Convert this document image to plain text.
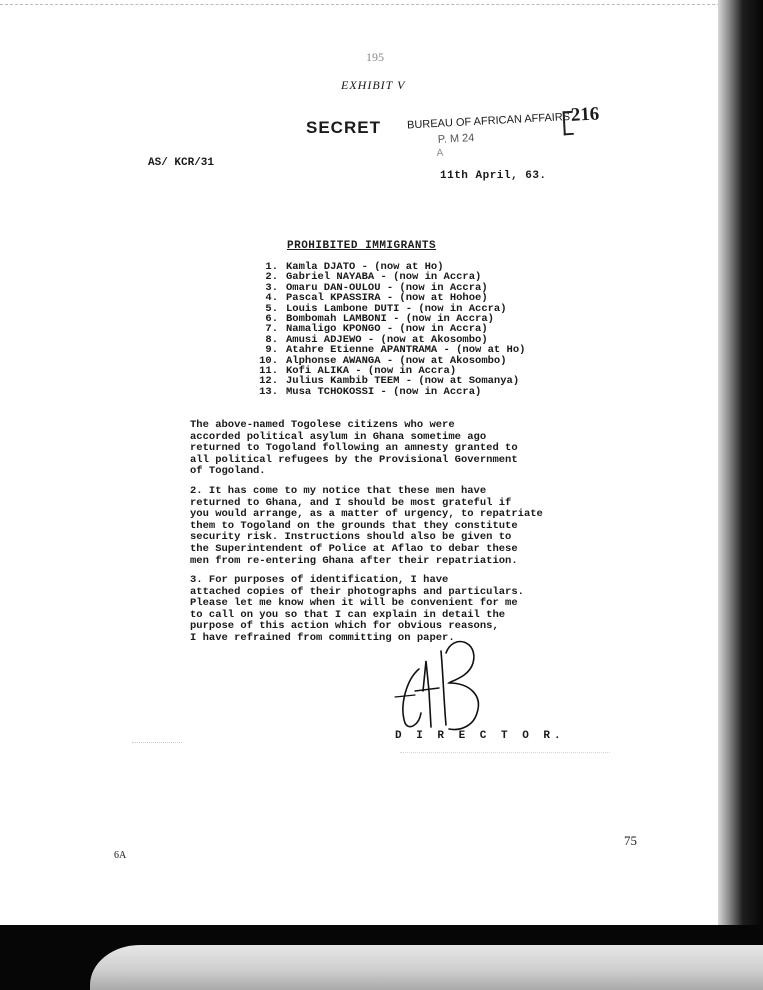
195
EXHIBIT V
SECRET BUREAU OF AFRICAN AFFAIRS
P. M 24
A
216
AS/ KCR/31
11th April, 63.
PROHIBITED IMMIGRANTS
1. Kamla DJATO - (now at Ho)
2. Gabriel NAYABA - (now in Accra)
3. Omaru DAN-OULOU - (now in Accra)
4. Pascal KPASSIRA - (now at Hohoe)
5. Louis Lambone DUTI - (now in Accra)
6. Bombomah LAMBONI - (now in Accra)
7. Namaligo KPONGO - (now in Accra)
8. Amusi ADJEWO - (now at Akosombo)
9. Atahre Etienne APANTRAMA - (now at Ho)
10. Alphonse AWANGA - (now at Akosombo)
11. Kofi ALIKA - (now in Accra)
12. Julius Kambib TEEM - (now at Somanya)
13. Musa TCHOKOSSI - (now in Accra)
The above-named Togolese citizens who were
accorded political asylum in Ghana sometime ago
returned to Togoland following an amnesty granted to
all political refugees by the Provisional Government
of Togoland.
2. It has come to my notice that these men have
returned to Ghana, and I should be most grateful if
you would arrange, as a matter of urgency, to repatriate
them to Togoland on the grounds that they constitute
security risk. Instructions should also be given to
the Superintendent of Police at Aflao to debar these
men from re-entering Ghana after their repatriation.
3. For purposes of identification, I have
attached copies of their photographs and particulars.
Please let me know when it will be convenient for me
to call on you so that I can explain in detail the
purpose of this action which for obvious reasons,
I have refrained from committing on paper.
D I R E C T O R.
75
6A
